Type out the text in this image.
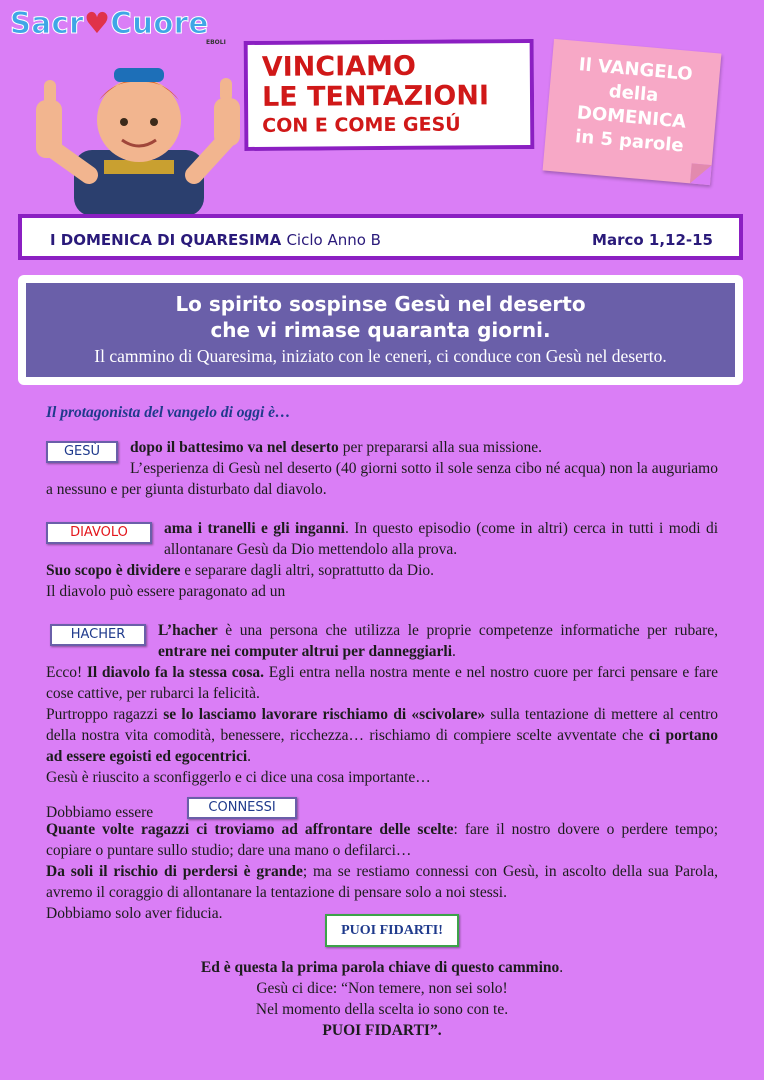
Sacr♥Cuore
EBOLI
VINCIAMO
LE TENTAZIONI
CON E COME GESÚ
Il VANGELO
della
DOMENICA
in 5 parole
I DOMENICA DI QUARESIMA Ciclo Anno B	Marco 1,12-15
Lo spirito sospinse Gesù nel deserto
che vi rimase quaranta giorni.
Il cammino di Quaresima, iniziato con le ceneri, ci conduce con Gesù nel deserto.
Il protagonista del vangelo di oggi è…
GESÙ	dopo il battesimo va nel deserto per prepararsi alla sua missione.
L’esperienza di Gesù nel deserto (40 giorni sotto il sole senza cibo né acqua) non la auguriamo a nessuno e per giunta disturbato dal diavolo.

DIAVOLO	ama i tranelli e gli inganni. In questo episodio (come in altri) cerca in tutti i modi di allontanare Gesù da Dio mettendolo alla prova.

Suo scopo è dividere e separare dagli altri, soprattutto da Dio.

Il diavolo può essere paragonato ad un

HACHER	L’hacher è una persona che utilizza le proprie competenze informatiche per rubare, entrare nei computer altrui per danneggiarli.

Ecco! Il diavolo fa la stessa cosa. Egli entra nella nostra mente e nel nostro cuore per farci pensare e fare cose cattive, per rubarci la felicità.

Purtroppo ragazzi se lo lasciamo lavorare rischiamo di «scivolare» sulla tentazione di mettere al centro della nostra vita comodità, benessere, ricchezza… rischiamo di compiere scelte avventate che ci portano ad essere egoisti ed egocentrici.

Gesù è riuscito a sconfiggerlo e ci dice una cosa importante…

Dobbiamo essere	CONNESSI

Quante volte ragazzi ci troviamo ad affrontare delle scelte: fare il nostro dovere o perdere tempo; copiare o puntare sullo studio; dare una mano o defilarci…

Da soli il rischio di perdersi è grande; ma se restiamo connessi con Gesù, in ascolto della sua Parola, avremo il coraggio di allontanare la tentazione di pensare solo a noi stessi.

Dobbiamo solo aver fiducia.

PUOI FIDARTI!
Ed è questa la prima parola chiave di questo cammino.
Gesù ci dice: “Non temere, non sei solo!
Nel momento della scelta io sono con te.
PUOI FIDARTI”.
